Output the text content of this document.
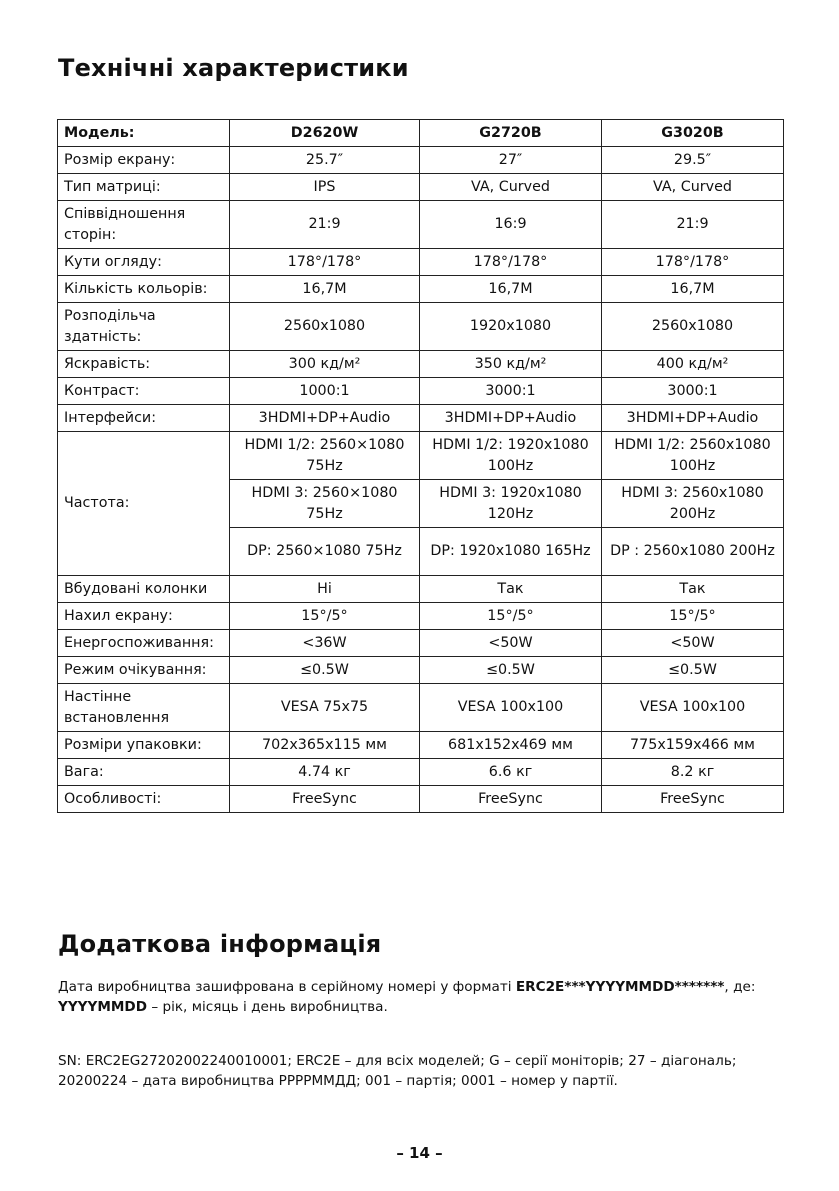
Технічні характеристики
Модель:	D2620W	G2720B	G3020B
Розмір екрану:	25.7″	27″	29.5″
Тип матриці:	IPS	VA, Curved	VA, Curved
Співвідношення сторін:	21:9	16:9	21:9
Кути огляду:	178°/178°	178°/178°	178°/178°
Кількість кольорів:	16,7M	16,7M	16,7M
Розподільча здатність:	2560x1080	1920x1080	2560x1080
Яскравість:	300 кд/м²	350 кд/м²	400 кд/м²
Контраст:	1000:1	3000:1	3000:1
Інтерфейси:	3HDMI+DP+Audio	3HDMI+DP+Audio	3HDMI+DP+Audio
Частота:	HDMI 1/2: 2560×1080 75Hz	HDMI 1/2: 1920x1080 100Hz	HDMI 1/2: 2560x1080 100Hz
	HDMI 3: 2560×1080 75Hz	HDMI 3: 1920x1080 120Hz	HDMI 3: 2560x1080 200Hz
	DP: 2560×1080 75Hz	DP: 1920x1080 165Hz	DP : 2560x1080 200Hz
Вбудовані колонки	Ні	Так	Так
Нахил екрану:	15°/5°	15°/5°	15°/5°
Енергоспоживання:	<36W	<50W	<50W
Режим очікування:	≤0.5W	≤0.5W	≤0.5W
Настінне встановлення	VESA 75x75	VESA 100x100	VESA 100x100
Розміри упаковки:	702x365x115 мм	681x152x469 мм	775x159x466 мм
Вага:	4.74 кг	6.6 кг	8.2 кг
Особливості:	FreeSync	FreeSync	FreeSync
Додаткова інформація

Дата виробництва зашифрована в серійному номері у форматі ERC2E***YYYYMMDD*******, де: YYYYMMDD – рік, місяць і день виробництва.

SN: ERC2EG27202002240010001; ERC2E – для всіх моделей; G – серії моніторів; 27 – діагональ; 20200224 – дата виробництва РРРРММДД; 001 – партія; 0001 – номер у партії.

– 14 –
